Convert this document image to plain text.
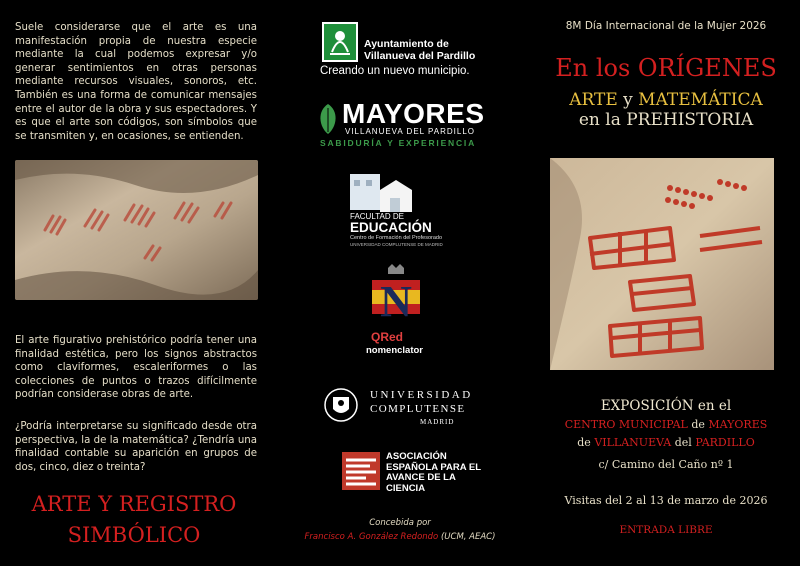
Suele considerarse que el arte es una manifestación propia de nuestra especie mediante la cual podemos expresar y/o generar sentimientos en otras personas mediante recursos visuales, sonoros, etc. También es una forma de comunicar mensajes entre el autor de la obra y sus espectadores. Y es que el arte son códigos, son símbolos que se transmiten y, en ocasiones, se entienden.

El arte figurativo prehistórico podría tener una finalidad estética, pero los signos abstractos como claviformes, escaleriformes o las colecciones de puntos o trazos difícilmente podrían considerase obras de arte.

¿Podría interpretarse su significado desde otra perspectiva, la de la matemática? ¿Tendría una finalidad contable su aparición en grupos de dos, cinco, diez o treinta?

ARTE Y REGISTRO
SIMBÓLICO
Ayuntamiento de
Villanueva del Pardillo
Creando un nuevo municipio.
MAYORES
VILLANUEVA DEL PARDILLO
SABIDURÍA Y EXPERIENCIA
FACULTAD DE
EDUCACIÓN
Centro de Formación del Profesorado
UNIVERSIDAD COMPLUTENSE DE MADRID
N
QRed
nomenclator
UNIVERSIDAD
COMPLUTENSE
MADRID
ASOCIACIÓN
ESPAÑOLA PARA EL
AVANCE DE LA
CIENCIA
Concebida por
Francisco A. González Redondo (UCM, AEAC)
8M Día Internacional de la Mujer 2026
En los ORÍGENES
ARTE y MATEMÁTICA
en la PREHISTORIA
EXPOSICIÓN en el
CENTRO MUNICIPAL de MAYORES
de VILLANUEVA del PARDILLO
c/ Camino del Caño nº 1
Visitas del 2 al 13 de marzo de 2026
ENTRADA LIBRE
